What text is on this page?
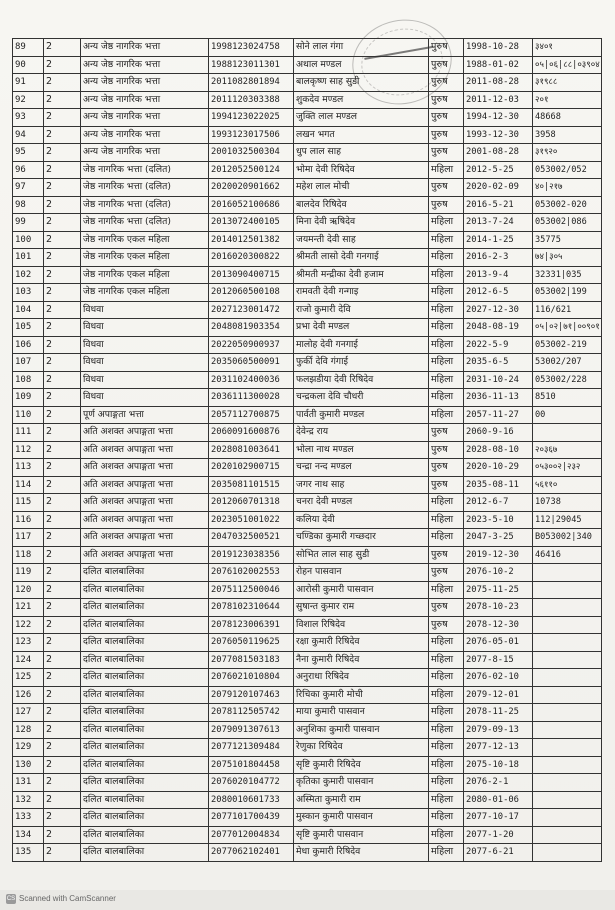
89	2	अन्य जेष्ठ नागरिक भत्ता	1998123024758	सोने लाल गंगा	पुरुष	1998-10-28	३४०१
90	2	अन्य जेष्ठ नागरिक भत्ता	1988123011301	अथाल मण्डल	पुरुष	1988-01-02	०५|०६|८८|०३९०४
91	2	अन्य जेष्ठ नागरिक भत्ता	2011082801894	बालकृष्ण साह सुडी	पुरुष	2011-08-28	३१९८८
92	2	अन्य जेष्ठ नागरिक भत्ता	2011120303388	शुकदेव मण्डल	पुरुष	2011-12-03	२०१
93	2	अन्य जेष्ठ नागरिक भत्ता	1994123022025	जुक्ति लाल मण्डल	पुरुष	1994-12-30	48668
94	2	अन्य जेष्ठ नागरिक भत्ता	1993123017506	लखन भगत	पुरुष	1993-12-30	3958
95	2	अन्य जेष्ठ नागरिक भत्ता	2001032500304	धुप लाल साह	पुरुष	2001-08-28	३१९२०
96	2	जेष्ठ नागरिक भत्ता (दलित)	2012052500124	भोमा देवी रिषिदेव	महिला	2012-5-25	053002/052
97	2	जेष्ठ नागरिक भत्ता (दलित)	2020020901662	महेश लाल मोची	पुरुष	2020-02-09	४०|२१७
98	2	जेष्ठ नागरिक भत्ता (दलित)	2016052100686	बालदेव रिषिदेव	पुरुष	2016-5-21	053002-020
99	2	जेष्ठ नागरिक भत्ता (दलित)	2013072400105	मिना देवी ऋषिदेव	महिला	2013-7-24	053002|086
100	2	जेष्ठ नागरिक एकल महिला	2014012501382	जयमन्ती देवी साह	महिला	2014-1-25	35775
101	2	जेष्ठ नागरिक एकल महिला	2016020300822	श्रीमती लासो देवी गनगाई	महिला	2016-2-3	७४|३०५
102	2	जेष्ठ नागरिक एकल महिला	2013090400715	श्रीमती मन्द्रीका देवी हजाम	महिला	2013-9-4	32331|035
103	2	जेष्ठ नागरिक एकल महिला	2012060500108	रामवती देवी गन्गाइ	महिला	2012-6-5	053002|199
104	2	विधवा	2027123001472	राजो कुमारी देवि	महिला	2027-12-30	116/621
105	2	विधवा	2048081903354	प्रभा देवी मण्डल	महिला	2048-08-19	०५|०२|७१|००९०१
106	2	विधवा	2022050900937	मालोह देवी गनगाई	महिला	2022-5-9	053002-219
107	2	विधवा	2035060500091	फुर्की देवि गंगाई	महिला	2035-6-5	53002/207
108	2	विधवा	2031102400036	फलझडीया देवी रिषिदेव	महिला	2031-10-24	053002/228
109	2	विधवा	2036111300028	चन्द्रकला देवि चौधरी	महिला	2036-11-13	8510
110	2	पूर्ण अपाङ्गता भत्ता	2057112700875	पार्वती कुमारी मण्डल	महिला	2057-11-27	00
111	2	अति अशक्त अपाङ्गता भत्ता	2060091600876	देवेन्द्र राय	पुरुष	2060-9-16	
112	2	अति अशक्त अपाङ्गता भत्ता	2028081003641	भोला नाथ मण्डल	पुरुष	2028-08-10	२०३६७
113	2	अति अशक्त अपाङ्गता भत्ता	2020102900715	चन्द्रा नन्द मण्डल	पुरुष	2020-10-29	०५३००२|२३२
114	2	अति अशक्त अपाङ्गता भत्ता	2035081101515	जगर नाथ साह	पुरुष	2035-08-11	५६११०
115	2	अति अशक्त अपाङ्गता भत्ता	2012060701318	चनरा देवी मण्डल	महिला	2012-6-7	10738
116	2	अति अशक्त अपाङ्गता भत्ता	2023051001022	कलिया देवी	महिला	2023-5-10	112|29045
117	2	अति अशक्त अपाङ्गता भत्ता	2047032500521	चण्डिका कुमारी गच्छदार	महिला	2047-3-25	B053002|340
118	2	अति अशक्त अपाङ्गता भत्ता	2019123038356	सोभित लाल साह सुडी	पुरुष	2019-12-30	46416
119	2	दलित बालबालिका	2076102002553	रोहन पासवान	पुरुष	2076-10-2	
120	2	दलित बालबालिका	2075112500046	आरोसी कुमारी पासवान	महिला	2075-11-25	
121	2	दलित बालबालिका	2078102310644	सुषान्त कुमार राम	पुरुष	2078-10-23	
122	2	दलित बालबालिका	2078123006391	विशाल रिषिदेव	पुरुष	2078-12-30	
123	2	दलित बालबालिका	2076050119625	रक्षा कुमारी रिषिदेव	महिला	2076-05-01	
124	2	दलित बालबालिका	2077081503183	नैना कुमारी रिषिदेव	महिला	2077-8-15	
125	2	दलित बालबालिका	2076021010804	अनुराधा रिषिदेव	महिला	2076-02-10	
126	2	दलित बालबालिका	2079120107463	रिचिका कुमारी मोची	महिला	2079-12-01	
127	2	दलित बालबालिका	2078112505742	माया कुमारी पासवान	महिला	2078-11-25	
128	2	दलित बालबालिका	2079091307613	अनुशिका कुमारी पासवान	महिला	2079-09-13	
129	2	दलित बालबालिका	2077121309484	रेणुका रिषिदेव	महिला	2077-12-13	
130	2	दलित बालबालिका	2075101804458	सृष्टि कुमारी रिषिदेव	महिला	2075-10-18	
131	2	दलित बालबालिका	2076020104772	कृतिका कुमारी पासवान	महिला	2076-2-1	
132	2	दलित बालबालिका	2080010601733	अस्मिता कुमारी राम	महिला	2080-01-06	
133	2	दलित बालबालिका	2077101700439	मुस्कान कुमारी पासवान	महिला	2077-10-17	
134	2	दलित बालबालिका	2077012004834	सृष्टि कुमारी पासवान	महिला	2077-1-20	
135	2	दलित बालबालिका	2077062102401	मेधा कुमारी रिषिदेव	महिला	2077-6-21	
CS Scanned with CamScanner
